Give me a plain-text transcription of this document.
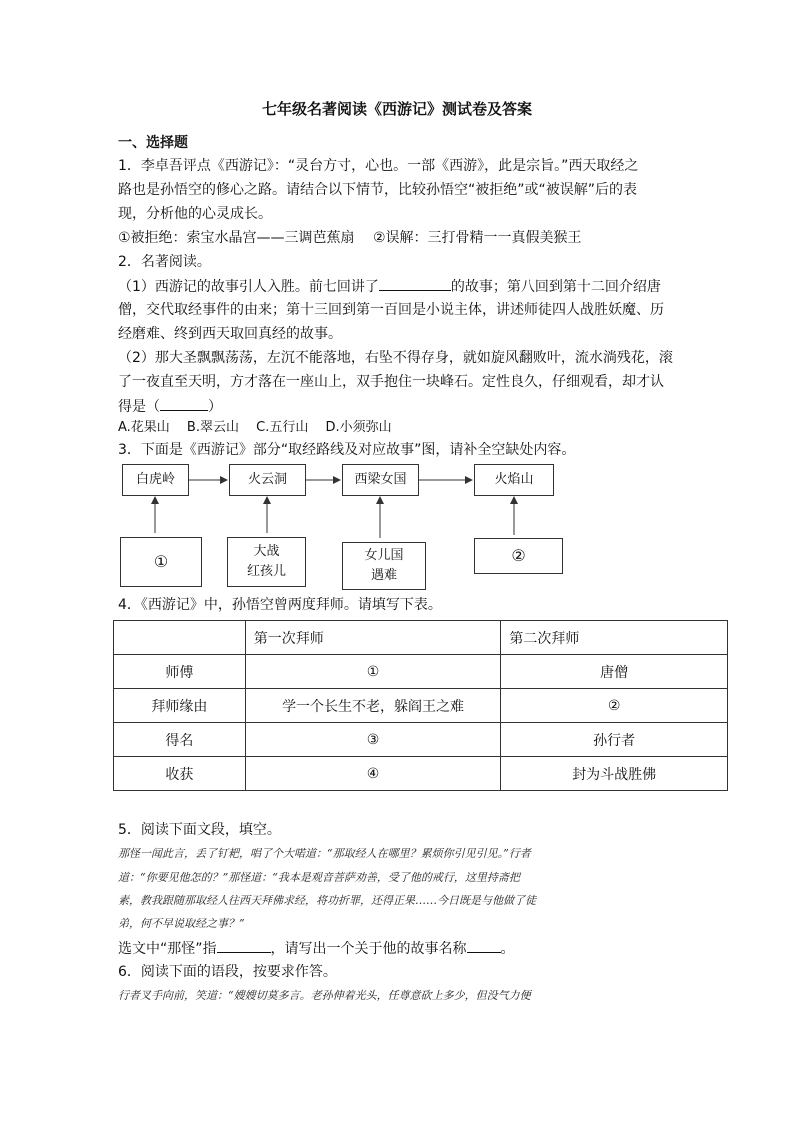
七年级名著阅读《西游记》测试卷及答案
一、选择题
1．李卓吾评点《西游记》：“灵台方寸，心也。一部《西游》，此是宗旨。”西天取经之
路也是孙悟空的修心之路。请结合以下情节，比较孙悟空“被拒绝”或“被误解”后的表
现，分析他的心灵成长。
①被拒绝：索宝水晶宫——三调芭蕉扇　 ②误解：三打骨精一一真假美猴王
2．名著阅读。
（1）西游记的故事引人入胜。前七回讲了	的故事；第八回到第十二回介绍唐
僧，交代取经事件的由来；第十三回到第一百回是小说主体，讲述师徒四人战胜妖魔、历
经磨难、终到西天取回真经的故事。
（2）那大圣飘飘荡荡，左沉不能落地，右坠不得存身，就如旋风翻败叶，流水淌残花，滚
了一夜直至天明，方才落在一座山上，双手抱住一块峰石。定性良久，仔细观看，却才认
得是（	）
A.花果山　 B.翠云山　 C.五行山　 D.小须弥山
3．下面是《西游记》部分“取经路线及对应故事”图，请补全空缺处内容。
白虎岭	火云洞	西梁女国	火焰山
①
大战
红孩儿
女儿国
遇难
②
4．《西游记》中，孙悟空曾两度拜师。请填写下表。
	第一次拜师	第二次拜师
师傅	①	唐僧
拜师缘由	学一个长生不老，躲阎王之难	②
得名	③	孙行者
收获	④	封为斗战胜佛
5．阅读下面文段，填空。
那怪一闻此言，丢了钉耙，唱了个大喏道：“那取经人在哪里？累烦你引见引见。”行者
道：“你要见他怎的？”那怪道：“我本是观音菩萨劝善，受了他的戒行，这里持斋把
素，教我跟随那取经人往西天拜佛求经，将功折罪，还得正果……今日既是与他做了徒
弟，何不早说取经之事？”
选文中“那怪”指	，请写出一个关于他的故事名称 。
6．阅读下面的语段，按要求作答。
行者叉手向前，笑道：“嫂嫂切莫多言。老孙伸着光头，任尊意砍上多少，但没气力便
